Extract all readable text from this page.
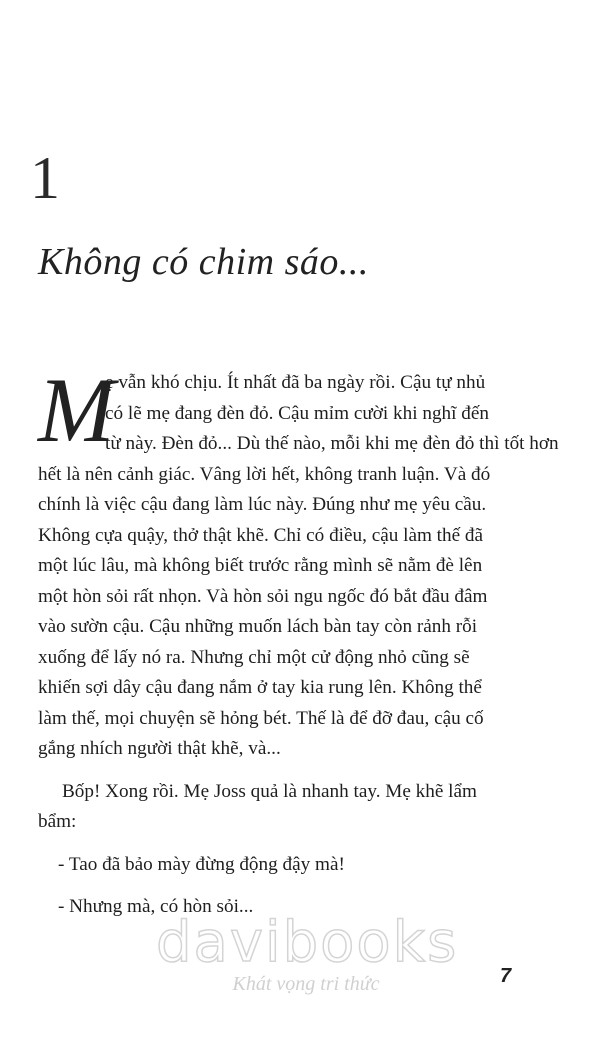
1
Không có chim sáo...
M
ẹ vẫn khó chịu. Ít nhất đã ba ngày rồi. Cậu tự nhủ
có lẽ mẹ đang đèn đỏ. Cậu mỉm cười khi nghĩ đến
từ này. Đèn đỏ... Dù thế nào, mỗi khi mẹ đèn đỏ thì tốt hơn
hết là nên cảnh giác. Vâng lời hết, không tranh luận. Và đó
chính là việc cậu đang làm lúc này. Đúng như mẹ yêu cầu.
Không cựa quậy, thở thật khẽ. Chỉ có điều, cậu làm thế đã
một lúc lâu, mà không biết trước rằng mình sẽ nằm đè lên
một hòn sỏi rất nhọn. Và hòn sỏi ngu ngốc đó bắt đầu đâm
vào sườn cậu. Cậu những muốn lách bàn tay còn rảnh rỗi
xuống để lấy nó ra. Nhưng chỉ một cử động nhỏ cũng sẽ
khiến sợi dây cậu đang nắm ở tay kia rung lên. Không thể
làm thế, mọi chuyện sẽ hỏng bét. Thế là để đỡ đau, cậu cố
gắng nhích người thật khẽ, và...
Bốp! Xong rồi. Mẹ Joss quả là nhanh tay. Mẹ khẽ lẩm
bẩm:
- Tao đã bảo mày đừng động đậy mà!
- Nhưng mà, có hòn sỏi...
davibooks
Khát vọng tri thức	7
